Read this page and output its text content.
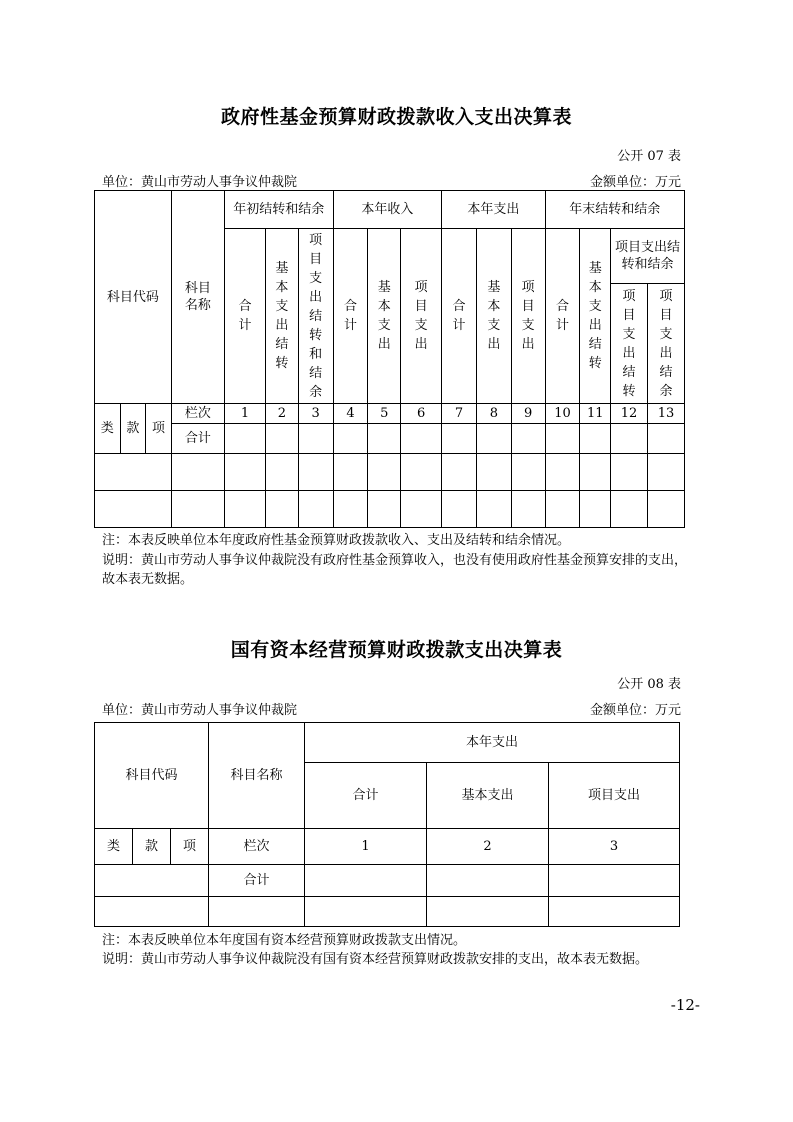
政府性基金预算财政拨款收入支出决算表
公开 07 表
单位：黄山市劳动人事争议仲裁院	金额单位：万元
科目代码			科目名称	年初结转和结余			本年收入			本年支出			年末结转和结余			
				合计	基本支出结转	项目支出结转和结余	合计	基本支出	项目支出	合计	基本支出	项目支出	合计	基本支出结转	项目支出结转和结余	
															项目支出结转	项目支出结余
类	款	项	栏次	1	2	3	4	5	6	7	8	9	10	11	12	13
			合计													

注：本表反映单位本年度政府性基金预算财政拨款收入、支出及结转和结余情况。
说明：黄山市劳动人事争议仲裁院没有政府性基金预算收入，也没有使用政府性基金预算安排的支出，故本表无数据。
国有资本经营预算财政拨款支出决算表
公开 08 表
单位：黄山市劳动人事争议仲裁院	金额单位：万元
科目代码			科目名称	本年支出		
				合计	基本支出	项目支出
类	款	项	栏次	1	2	3
			合计			

注：本表反映单位本年度国有资本经营预算财政拨款支出情况。
说明：黄山市劳动人事争议仲裁院没有国有资本经营预算财政拨款安排的支出，故本表无数据。
-12-
